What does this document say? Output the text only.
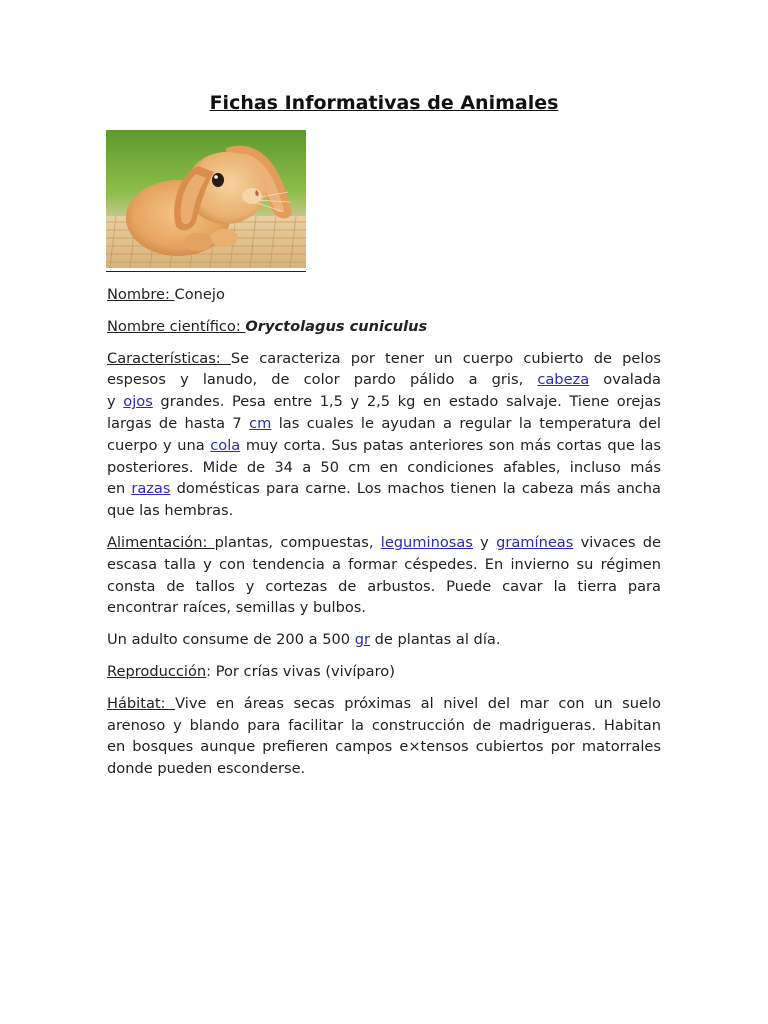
Fichas Informativas de Animales

Nombre: Conejo

Nombre científico: Oryctolagus cuniculus

Características: Se caracteriza por tener un cuerpo cubierto de pelos
espesos y lanudo, de color pardo pálido a gris, cabeza ovalada
y ojos grandes. Pesa entre 1,5 y 2,5 kg en estado salvaje. Tiene orejas
largas de hasta 7 cm las cuales le ayudan a regular la temperatura del
cuerpo y una cola muy corta. Sus patas anteriores son más cortas que las
posteriores. Mide de 34 a 50 cm en condiciones afables, incluso más
en razas domésticas para carne. Los machos tienen la cabeza más ancha
que las hembras.

Alimentación: plantas, compuestas, leguminosas y gramíneas vivaces de
escasa talla y con tendencia a formar céspedes. En invierno su régimen
consta de tallos y cortezas de arbustos. Puede cavar la tierra para
encontrar raíces, semillas y bulbos.

Un adulto consume de 200 a 500 gr de plantas al día.

Reproducción: Por crías vivas (vivíparo)

Hábitat: Vive en áreas secas próximas al nivel del mar con un suelo
arenoso y blando para facilitar la construcción de madrigueras. Habitan
en bosques aunque prefieren campos e×tensos cubiertos por matorrales
donde pueden esconderse.
